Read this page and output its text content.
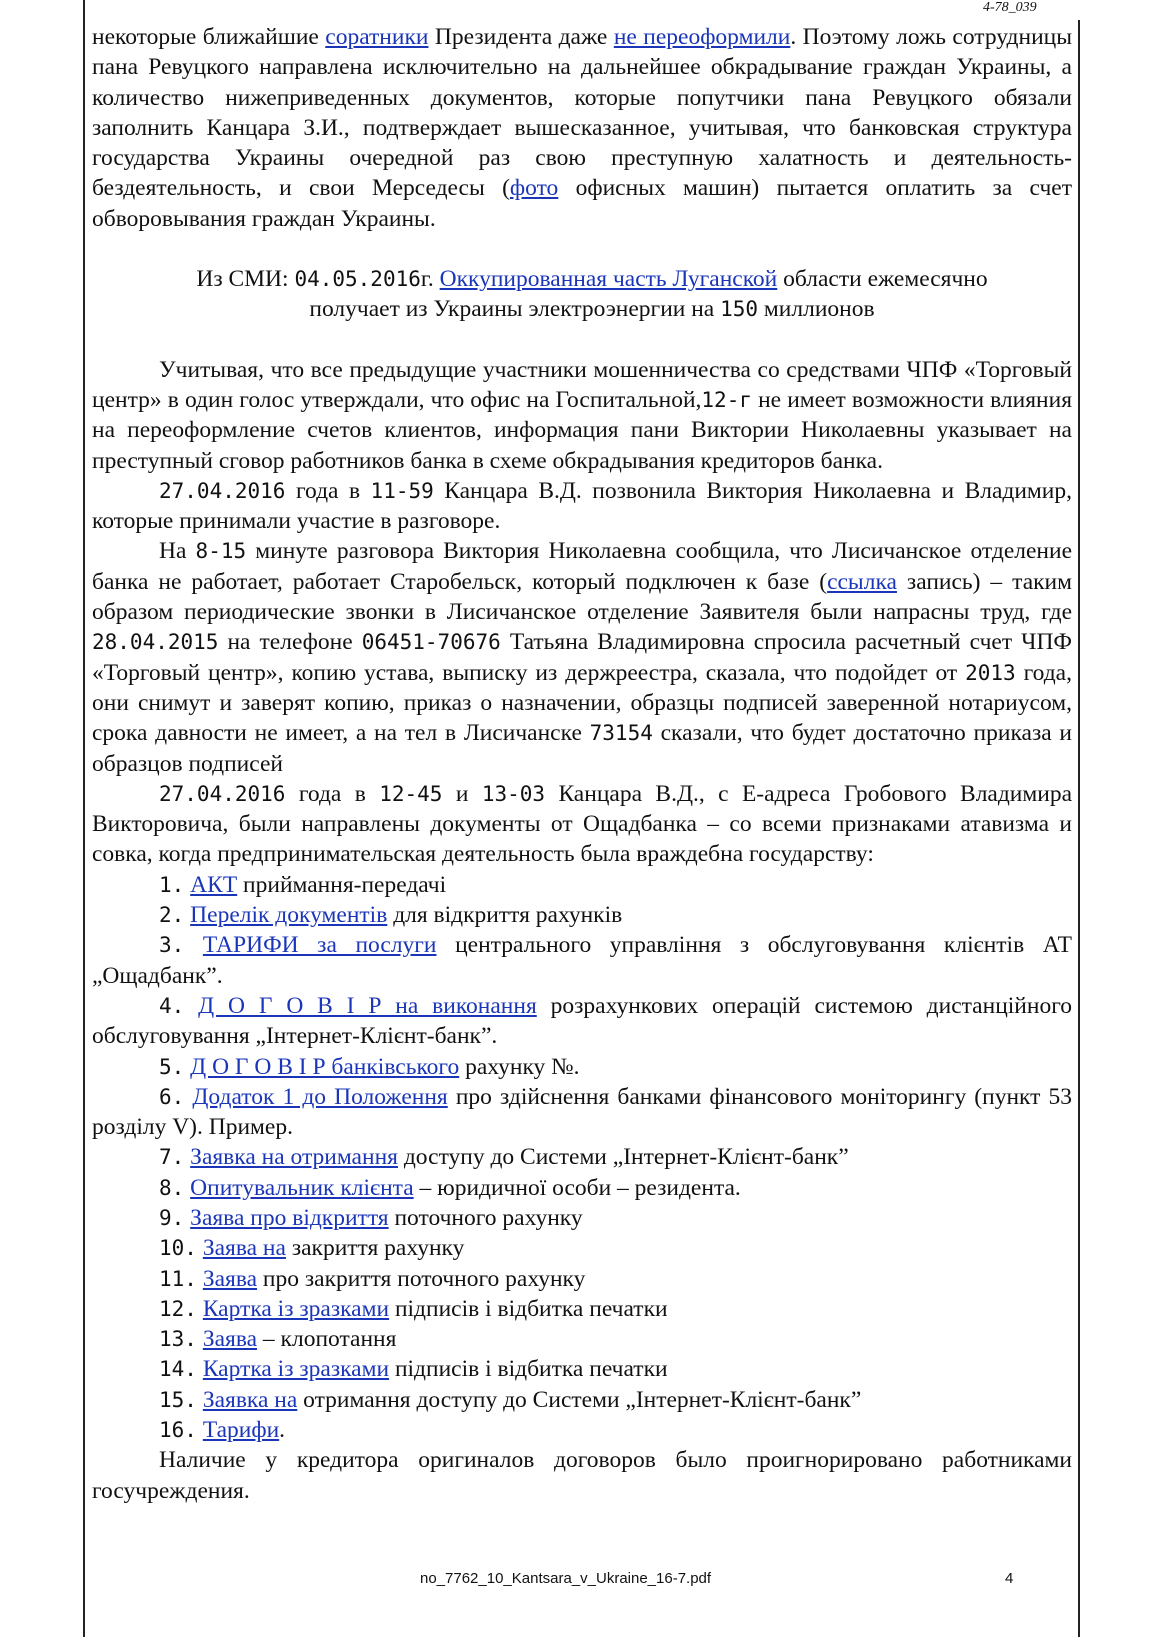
4-78_039

некоторые ближайшие соратники Президента даже не переоформили. Поэтому ложь сотрудницы пана Ревуцкого направлена исключительно на дальнейшее обкрадывание граждан Украины, а количество нижеприведенных документов, которые попутчики пана Ревуцкого обязали заполнить Канцара З.И., подтверждает вышесказанное, учитывая, что банковская структура государства Украины очередной раз свою преступную халатность и деятельность-бездеятельность, и свои Мерседесы (фото офисных машин) пытается оплатить за счет обворовывания граждан Украины.

Из СМИ: 04.05.2016г. Оккупированная часть Луганской области ежемесячно получает из Украины электроэнергии на 150 миллионов

Учитывая, что все предыдущие участники мошенничества со средствами ЧПФ «Торговый центр» в один голос утверждали, что офис на Госпитальной,12-г не имеет возможности влияния на переоформление счетов клиентов, информация пани Виктории Николаевны указывает на преступный сговор работников банка в схеме обкрадывания кредиторов банка.

27.04.2016 года в 11-59 Канцара В.Д. позвонила Виктория Николаевна и Владимир, которые принимали участие в разговоре.

На 8-15 минуте разговора Виктория Николаевна сообщила, что Лисичанское отделение банка не работает, работает Старобельск, который подключен к базе (ссылка запись) – таким образом периодические звонки в Лисичанское отделение Заявителя были напрасны труд, где 28.04.2015 на телефоне 06451-70676 Татьяна Владимировна спросила расчетный счет ЧПФ «Торговый центр», копию устава, выписку из держреестра, сказала, что подойдет от 2013 года, они снимут и заверят копию, приказ о назначении, образцы подписей заверенной нотариусом, срока давности не имеет, а на тел в Лисичанске 73154 сказали, что будет достаточно приказа и образцов подписей

27.04.2016 года в 12-45 и 13-03 Канцара В.Д., с Е-адреса Гробового Владимира Викторовича, были направлены документы от Ощадбанка – со всеми признаками атавизма и совка, когда предпринимательская деятельность была враждебна государству:

1. АКТ приймання-передачі

2. Перелік документів для відкриття рахунків

3. ТАРИФИ за послуги центрального управління з обслуговування клієнтів АТ „Ощадбанк”.

4. Д О Г О В І Р на виконання розрахункових операцій системою дистанційного обслуговування „Інтернет-Клієнт-банк”.

5. Д О Г О В І Р банківського рахунку №.

6. Додаток 1 до Положення про здійснення банками фінансового моніторингу (пункт 53 розділу V). Пример.

7. Заявка на отримання доступу до Системи „Інтернет-Клієнт-банк”

8. Опитувальник клієнта – юридичної особи – резидента.

9. Заява про відкриття поточного рахунку

10. Заява на закриття рахунку

11. Заява про закриття поточного рахунку

12. Картка із зразками підписів і відбитка печатки

13. Заява – клопотання

14. Картка із зразками підписів і відбитка печатки

15. Заявка на отримання доступу до Системи „Інтернет-Клієнт-банк”

16. Тарифи.

Наличие у кредитора оригиналов договоров было проигнорировано работниками госучреждения.

no_7762_10_Kantsara_v_Ukraine_16-7.pdf	4
